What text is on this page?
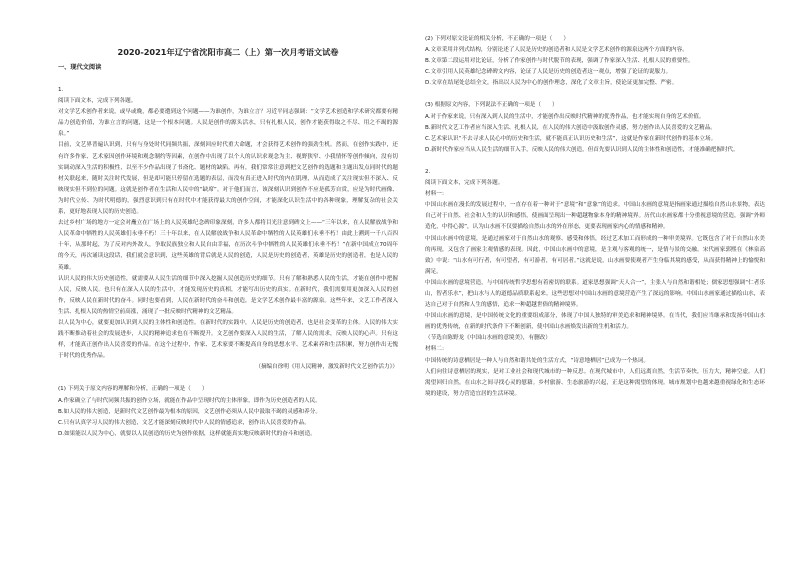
2020-2021年辽宁省沈阳市高二（上）第一次月考语文试卷

一、现代文阅读

1.

阅读下面文本，完成下列各题。

对文学艺术创作者来说，或早或晚，都必要遭到这个问题——为谁创作，为谁立言？习近平同志强调：“文学艺术创造和学术研究都要有精品力创造价值，为谁立言的问题，这是一个根本问题。人民是创作的源头活水，只有扎根人民，创作才能获得取之不尽、用之不竭的源泉。”

目前，文艺界普遍认识到，只有与身处时代同频共振，深刻回应时代重大命题，才会获得艺术创作的强劲生机。然而，在创作实践中，还有许多作家、艺术家因创作环境和观念制约等因素，在创作中出现了以个人的认识求观念为主、视野狭窄、小我情怀等创作倾向，没有切实调动深入生活的积极性，以至不少作品出现了书斋化、题材的缺陷。再有，我们常常注意到把文艺创作的选题和主题出发点同时代的题材关联起来，随时关注时代发展，但是却可能只停留在选题的表层，而没有真正进入时代的内在肌理，从而造成了关注现实但不深入、反映现实但不到位的问题。这就是创作者在生活和人民中的“缺席”。对于他们而言，该深刻认识到创作不应是孤芳自赏，应是为时代画像、为时代立传、为时代明德的，强烈意识到只有在时代中才能获得最大的创作空间，才能深化认识生活中的各种现象，理解复杂的社会关系，更好地表现人民的历史创造。

去过乡村广场的地方一定会对矗立在广场上的人民英雄纪念碑印象深刻，许多人都将目光注意到碑文上——“三年以来，在人民解放战争和人民革命中牺牲的人民英雄们永垂不朽！三十年以来，在人民解放战争和人民革命中牺牲的人民英雄们永垂不朽！由此上溯到一千八百四十年，从那时起，为了反对内外敌人，争取民族独立和人民自由幸福，在历次斗争中牺牲的人民英雄们永垂不朽！”在新中国成立70周年的今天，再次诵读这段话，我们就会意识到，这些英雄的背后就是人民的创造，人民是历史的创造者，英雄是历史的创造者，也是人民的英雄。

认识人民的伟大历史创造性，就需要从人民生活的细节中深入挖掘人民创造历史的细节。只有了解和熟悉人民的生活，才能在创作中把握人民，反映人民。也只有在深入人民的生活中，才能发现历史的真相，才能写出历史的真实。在新时代，我们需要用更加深入人民的创作，反映人民在新时代的奋斗。同时也要看到，人民在新时代的奋斗和创造，是文学艺术创作最丰富的源泉。这些年来，文艺工作者深入生活、扎根人民的热情空前高涨，涌现了一批反映时代精神的文艺精品。

以人民为中心，就要更加认识到人民的主体性和创造性。在新时代的实践中，人民是历史的创造者，也是社会变革的主体。人民的伟大实践不断推动着社会的发展进步，人民的精神追求也在不断提升。文艺创作要深入人民的生活，了解人民的需求，反映人民的心声。只有这样，才能真正创作出人民喜爱的作品。在这个过程中，作家、艺术家要不断提高自身的思想水平、艺术素养和生活积累，努力创作出无愧于时代的优秀作品。

（摘编自徐明《用人民精神，激发新时代文艺创作活力》）

(1) 下列关于原文内容的理解和分析，正确的一项是（　　）

A.作家确立了与时代同频共振的创作立场，就能在作品中呈现时代的主体形象，即作为历史创造者的人民。

B.如人民的伟大创造，是新时代文艺创作最为根本的原因，文艺创作必须从人民中汲取不竭的灵感和养分。

C.只有认真学习人民的伟大创造，文艺才能深刻反映时代中人民的情感追求，创作出人民喜爱的作品。

D.如果能以人民为中心，就要以人民创造的历史为创作依据，这样就能真实地反映新时代的奋斗和创造。

(2) 下列对原文论证的相关分析，不正确的一项是（　　）

A.文章采用并列式结构，分别论述了人民是历史的创造者和人民是文学艺术创作的源泉这两个方面的内容。

B.文章第二段运用对比论证，分析了作家创作与时代脱节的表现，强调了作家深入生活、扎根人民的重要性。

C.文章引用人民英雄纪念碑碑文内容，论证了人民是历史的创造者这一观点，增强了论证的说服力。

D.文章在结尾处总结全文，指出以人民为中心的创作理念，深化了文章主旨，使论证更加完整、严密。

(3) 根据原文内容，下列说法不正确的一项是（　　）

A.对于作家来说，只有深入到人民的生活中，才能创作出反映时代精神的优秀作品，也才能实现自身的艺术价值。

B.新时代文艺工作者应当深入生活、扎根人民，在人民的伟大创造中汲取创作灵感，努力创作出人民喜爱的文艺精品。

C.艺术家认识“不去寻求人民心中的历史和生活，就不能真正认识历史和生活”，这就是作家在新时代创作的基本立场。

D.新时代作家应当从人民生活的细节入手，反映人民的伟大创造，但首先要认识到人民的主体性和创造性，才能准确把握时代。

2.

阅读下面文本，完成下列各题。

材料一：

中国山水画在漫长的发展过程中，一直存在着一种对于“意境”和“意象”的追求。中国山水画的意境是指画家通过描绘自然山水景物，表达自己对于自然、社会和人生的认识和感悟，使画面呈现出一种超越物象本身的精神境界。历代山水画家都十分重视意境的营造，强调“外师造化，中得心源”，认为山水画不仅要描绘自然山水的外在形态，更要表现画家内心的情感和精神。

中国山水画中的意境，是通过画家对于自然山水的观察、感受和体悟，经过艺术加工而形成的一种审美境界。它既包含了对于自然山水美的再现，又包含了画家主观情感的表现。因此，中国山水画中的意境，是主观与客观的统一，是情与景的交融。宋代画家郭熙在《林泉高致》中说：“山水有可行者，有可望者，有可游者，有可居者。”这就是说，山水画要使观者产生身临其境的感受，从而获得精神上的愉悦和满足。

中国山水画的意境营造，与中国传统哲学思想有着密切的联系。道家思想强调“天人合一”，主张人与自然和谐相处；儒家思想强调“仁者乐山，智者乐水”，把山水与人的道德品质联系起来。这些思想对中国山水画的意境营造产生了深远的影响。中国山水画家通过描绘山水，表达自己对于自然和人生的感悟，追求一种超越世俗的精神境界。

中国山水画的意境，是中国传统文化的重要组成部分，体现了中国人独特的审美追求和精神境界。在当代，我们应当继承和发扬中国山水画的优秀传统，在新的时代条件下不断创新，使中国山水画焕发出新的生机和活力。

（节选自陈野龙《中国山水画的意境美》，有删改）

材料二：

中国传统的诗意栖居是一种人与自然和谐共处的生活方式，“诗意地栖居”已成为一个热词。

人们向往诗意栖居的现实，是对工业社会和现代城市的一种反思。在现代城市中，人们远离自然，生活节奏快，压力大，精神空虚。人们渴望回归自然，在山水之间寻找心灵的慰藉。乡村旅游、生态旅游的兴起，正是这种渴望的体现。城市规划中也越来越重视绿化和生态环境的建设，努力营造宜居的生活环境。
